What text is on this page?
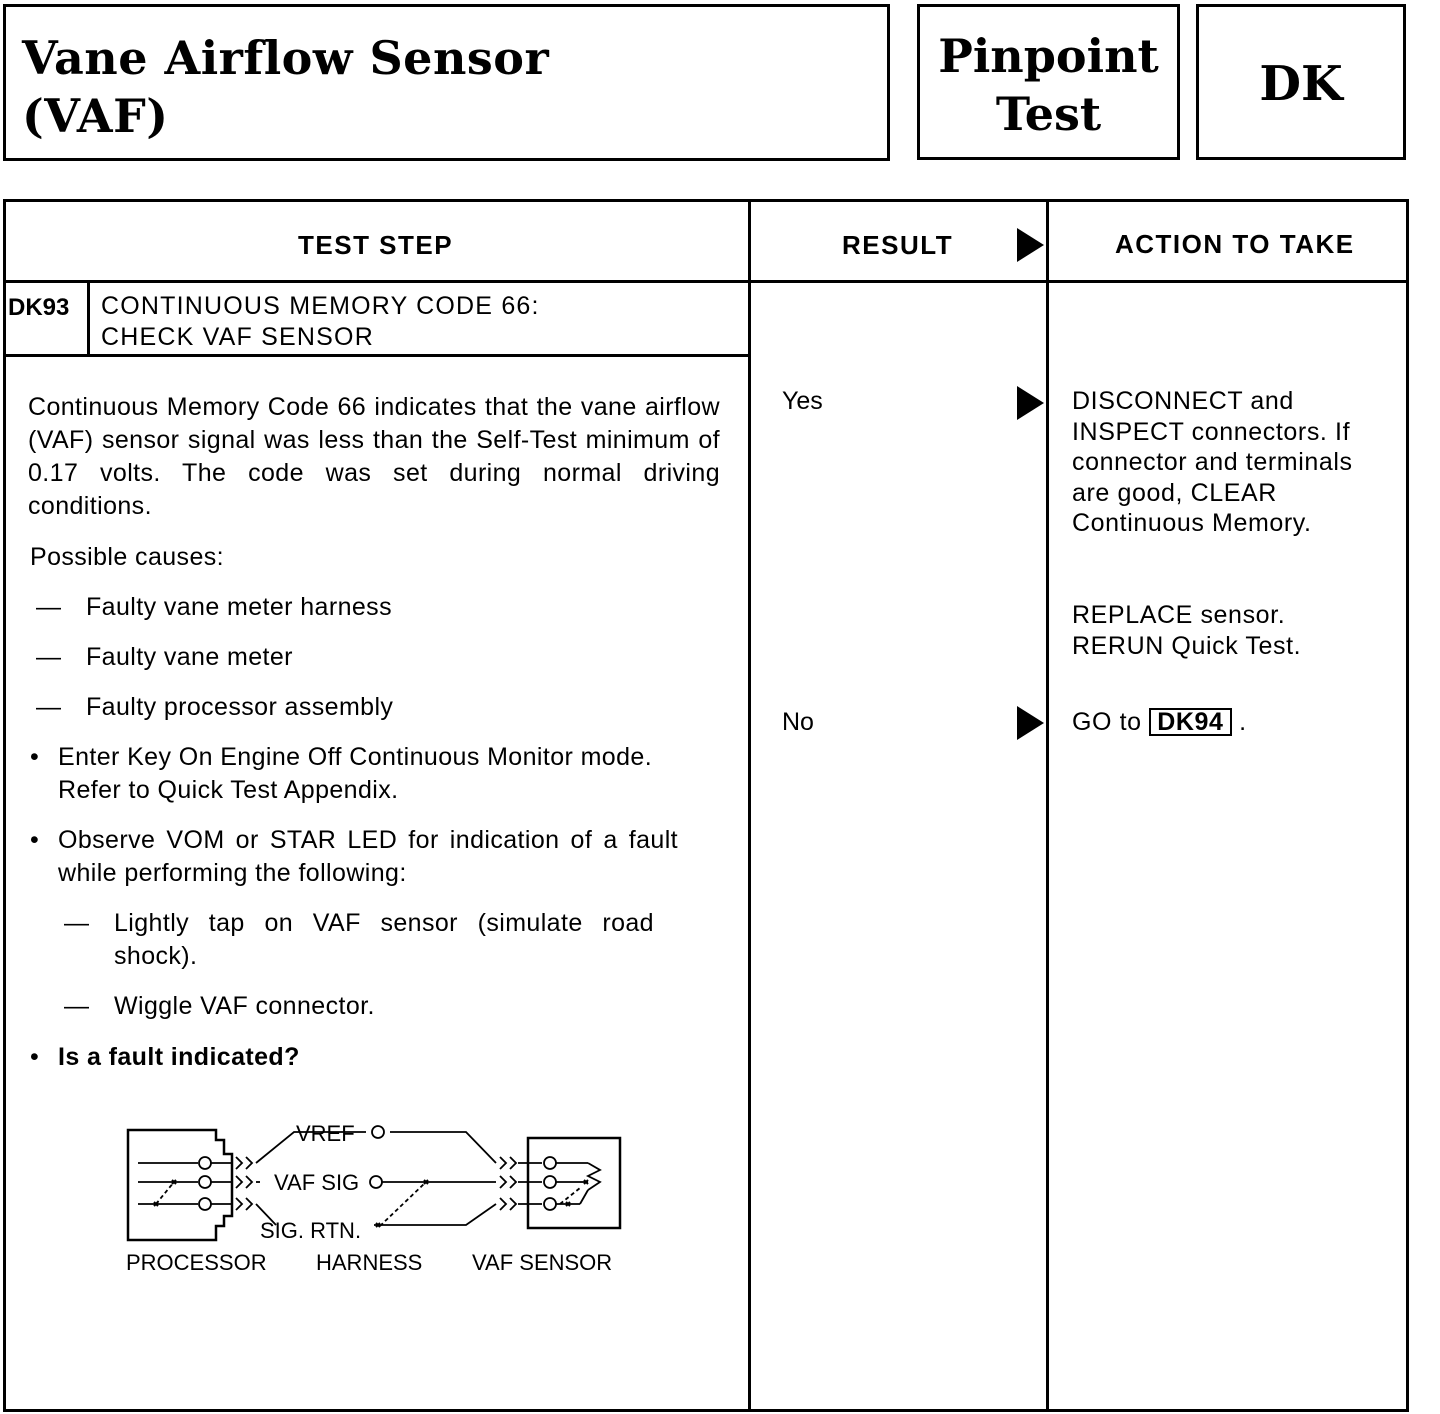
Vane Airflow Sensor
(VAF)
Pinpoint
Test
DK
TEST STEP	RESULT	ACTION TO TAKE
DK93 CONTINUOUS MEMORY CODE 66:
CHECK VAF SENSOR
Continuous Memory Code 66 indicates that the vane airflow (VAF) sensor signal was less than the Self-Test minimum of 0.17 volts. The code was set during normal driving conditions.
Possible causes:
— Faulty vane meter harness
— Faulty vane meter
— Faulty processor assembly
• Enter Key On Engine Off Continuous Monitor mode. Refer to Quick Test Appendix.
• Observe VOM or STAR LED for indication of a fault while performing the following:
— Lightly tap on VAF sensor (simulate road shock).
— Wiggle VAF connector.
• Is a fault indicated?
VREF
VAF SIG
SIG. RTN.
PROCESSOR HARNESS VAF SENSOR
Yes
No
DISCONNECT and INSPECT connectors. If connector and terminals are good, CLEAR Continuous Memory.
REPLACE sensor. RERUN Quick Test.
GO to DK94 .
